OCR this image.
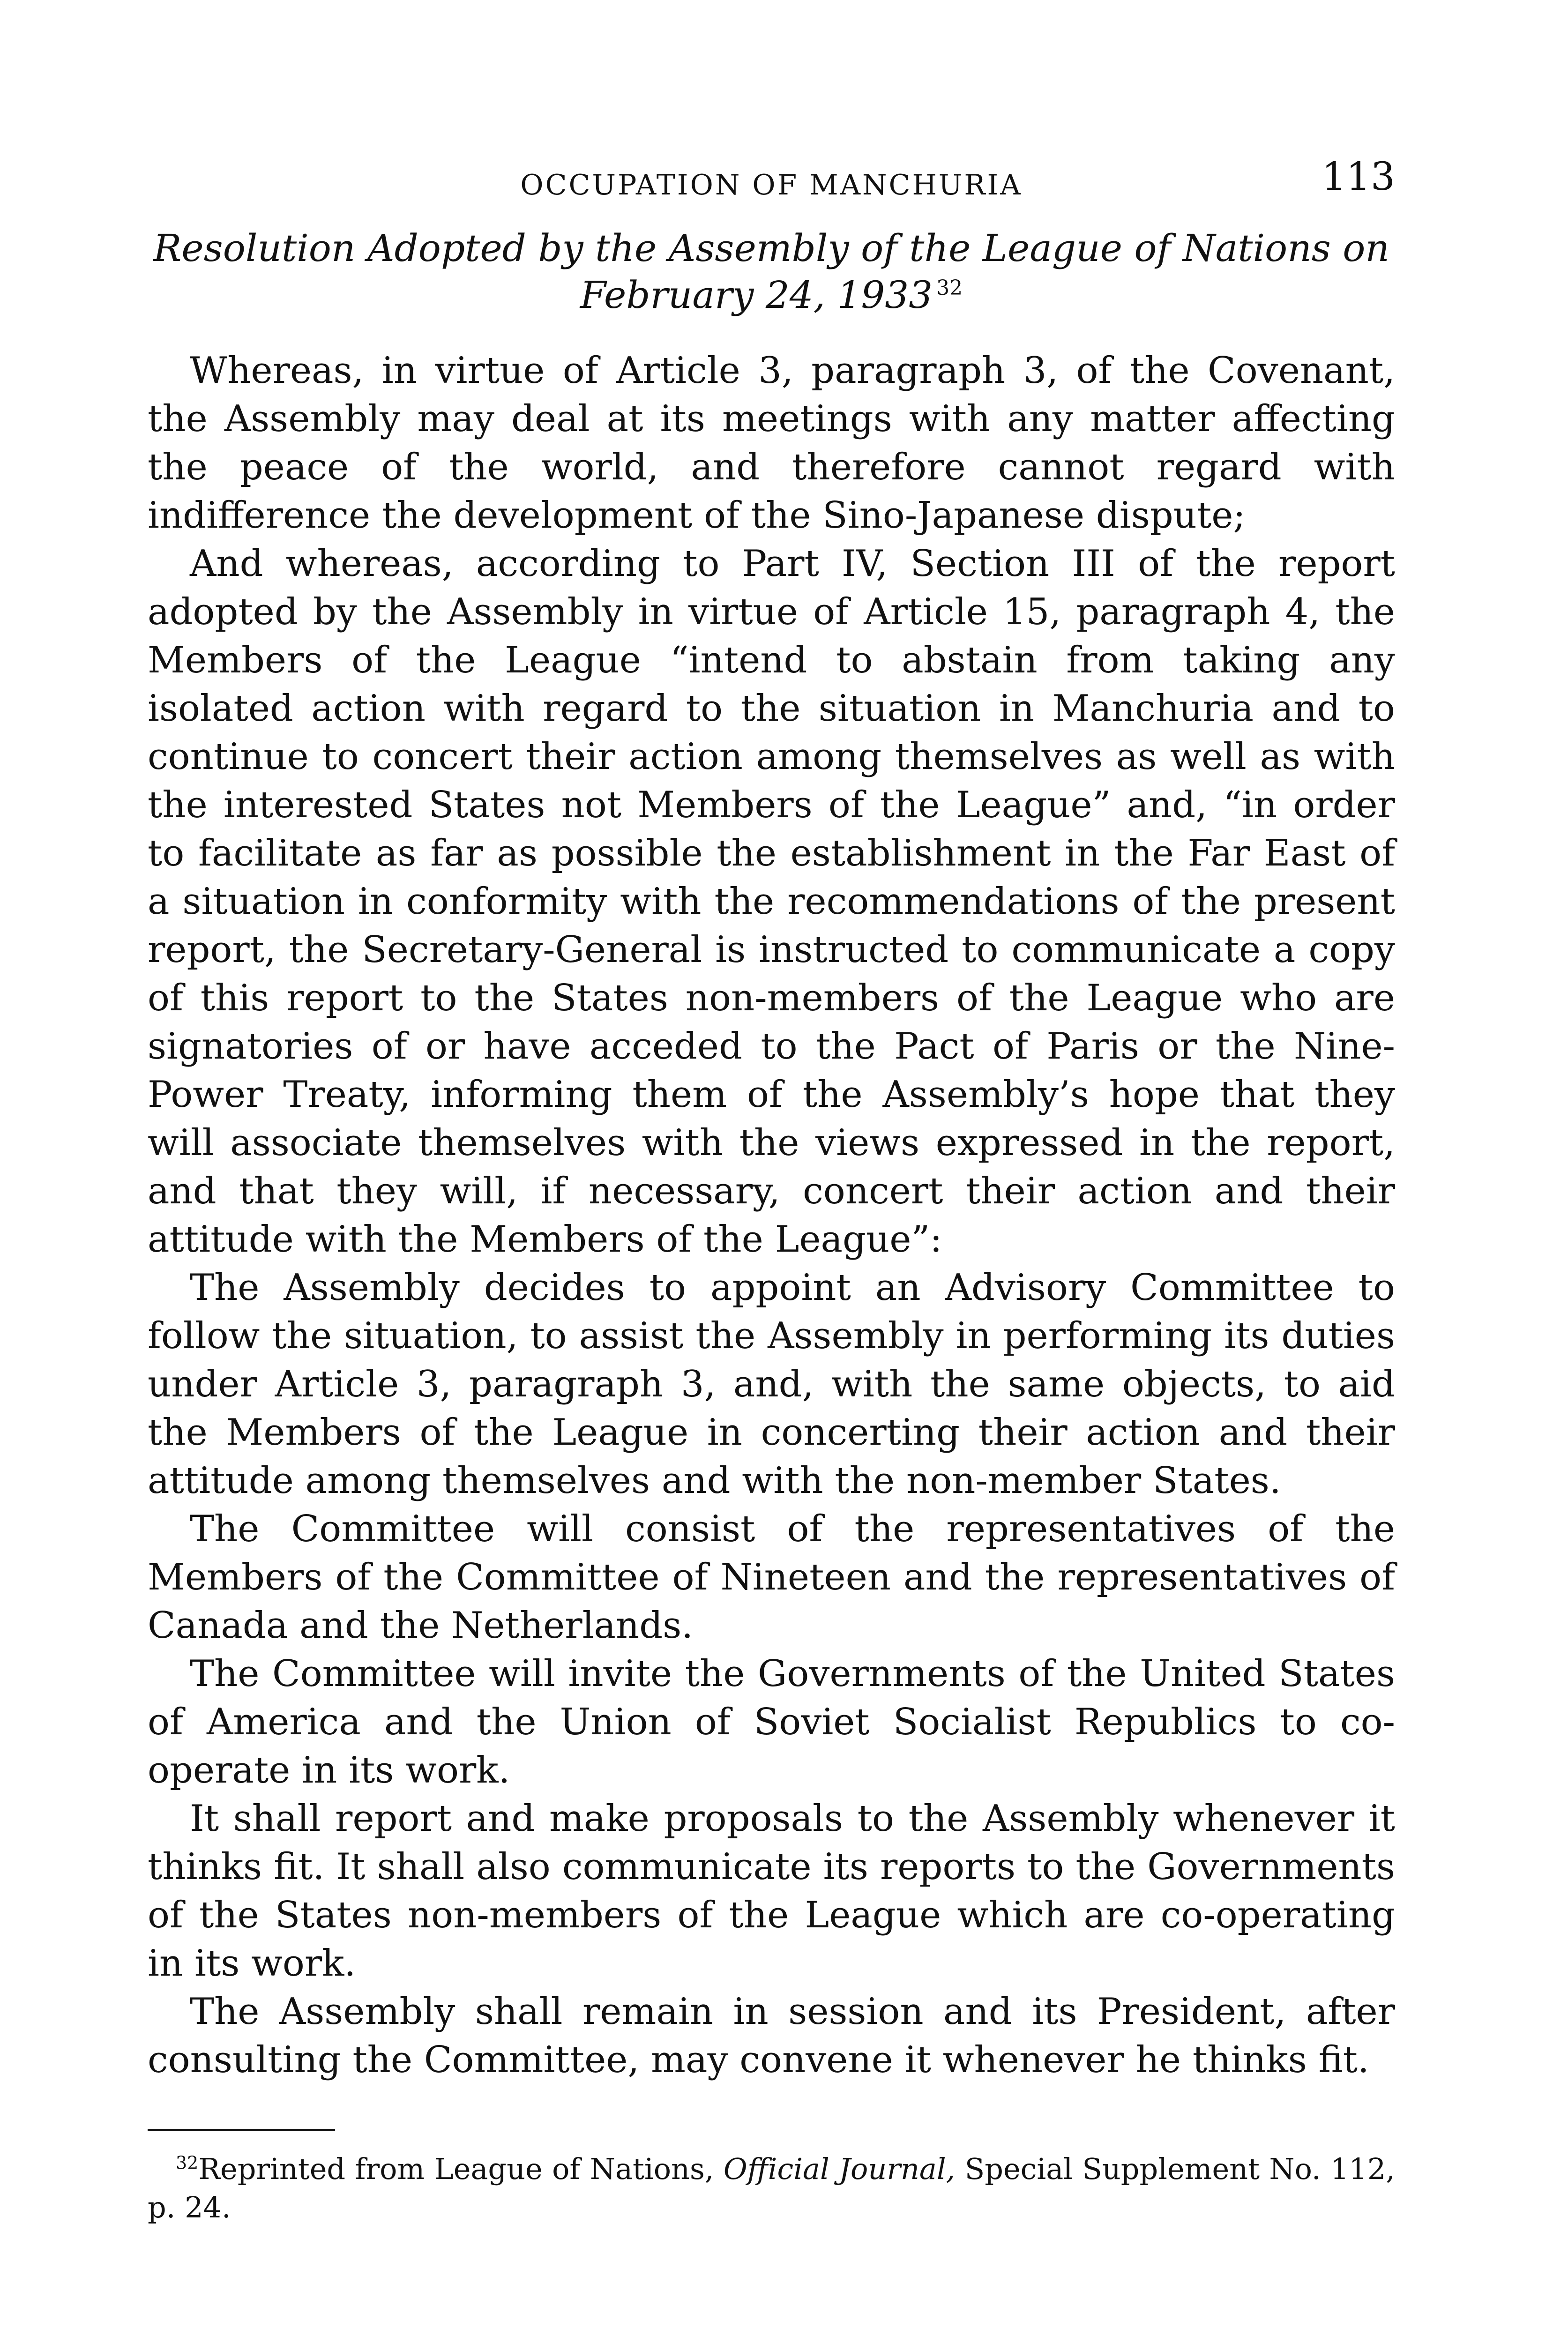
OCCUPATION OF MANCHURIA	113
Resolution Adopted by the Assembly of the League of Nations on
February 24, 1933 $^{32}$

Whereas, in virtue of Article 3, paragraph 3, of the Covenant, the Assembly may deal at its meetings with any matter affecting the peace of the world, and therefore cannot regard with indifference the development of the Sino-Japanese dispute;

And whereas, according to Part IV, Section III of the report adopted by the Assembly in virtue of Article 15, paragraph 4, the Members of the League “intend to abstain from taking any isolated action with regard to the situation in Manchuria and to continue to concert their action among themselves as well as with the interested States not Members of the League” and, “in order to facilitate as far as possible the establishment in the Far East of a situation in conformity with the recommendations of the present report, the Secretary-General is instructed to communicate a copy of this report to the States non-members of the League who are signatories of or have acceded to the Pact of Paris or the Nine-Power Treaty, informing them of the Assembly’s hope that they will associate themselves with the views expressed in the report, and that they will, if necessary, concert their action and their attitude with the Members of the League”:

The Assembly decides to appoint an Advisory Committee to follow the situation, to assist the Assembly in performing its duties under Article 3, paragraph 3, and, with the same objects, to aid the Members of the League in concerting their action and their attitude among themselves and with the non-member States.

The Committee will consist of the representatives of the Members of the Committee of Nineteen and the representatives of Canada and the Netherlands.

The Committee will invite the Governments of the United States of America and the Union of Soviet Socialist Republics to co-operate in its work.

It shall report and make proposals to the Assembly whenever it thinks fit. It shall also communicate its reports to the Governments of the States non-members of the League which are co-operating in its work.

The Assembly shall remain in session and its President, after consulting the Committee, may convene it whenever he thinks fit.

$^{32}$Reprinted from League of Nations, Official Journal, Special Supplement No. 112, p. 24.
